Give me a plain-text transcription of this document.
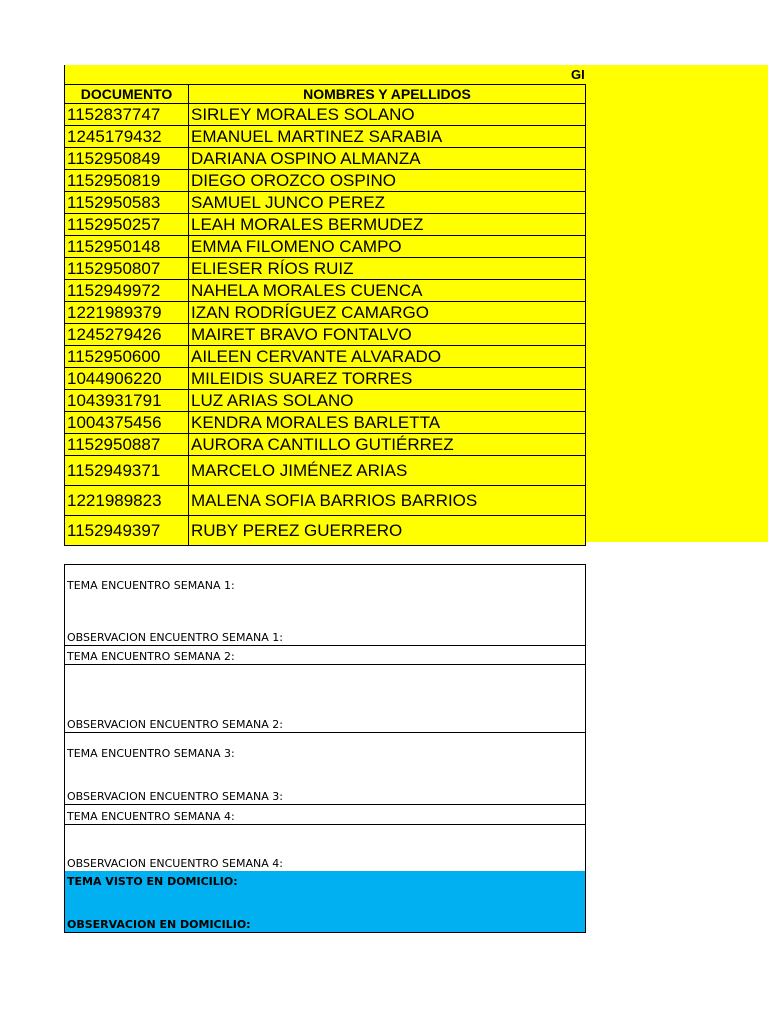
GI
DOCUMENTO	NOMBRES Y APELLIDOS
1152837747	SIRLEY MORALES SOLANO
1245179432	EMANUEL MARTINEZ SARABIA
1152950849	DARIANA OSPINO ALMANZA
1152950819	DIEGO OROZCO OSPINO
1152950583	SAMUEL JUNCO PEREZ
1152950257	LEAH MORALES BERMUDEZ
1152950148	EMMA FILOMENO CAMPO
1152950807	ELIESER RÍOS RUIZ
1152949972	NAHELA MORALES CUENCA
1221989379	IZAN RODRÍGUEZ CAMARGO
1245279426	MAIRET BRAVO FONTALVO
1152950600	AILEEN CERVANTE ALVARADO
1044906220	MILEIDIS SUAREZ TORRES
1043931791	LUZ ARIAS SOLANO
1004375456	KENDRA MORALES BARLETTA
1152950887	AURORA CANTILLO GUTIÉRREZ
1152949371	MARCELO JIMÉNEZ ARIAS
1221989823	MALENA SOFIA BARRIOS BARRIOS
1152949397	RUBY PEREZ GUERRERO
TEMA ENCUENTRO SEMANA 1:
OBSERVACION ENCUENTRO SEMANA 1:
TEMA ENCUENTRO SEMANA 2:
OBSERVACION ENCUENTRO SEMANA 2:
TEMA ENCUENTRO SEMANA 3:
OBSERVACION ENCUENTRO SEMANA 3:
TEMA ENCUENTRO SEMANA 4:
OBSERVACION ENCUENTRO SEMANA 4:
TEMA VISTO EN DOMICILIO:
OBSERVACION EN DOMICILIO:
